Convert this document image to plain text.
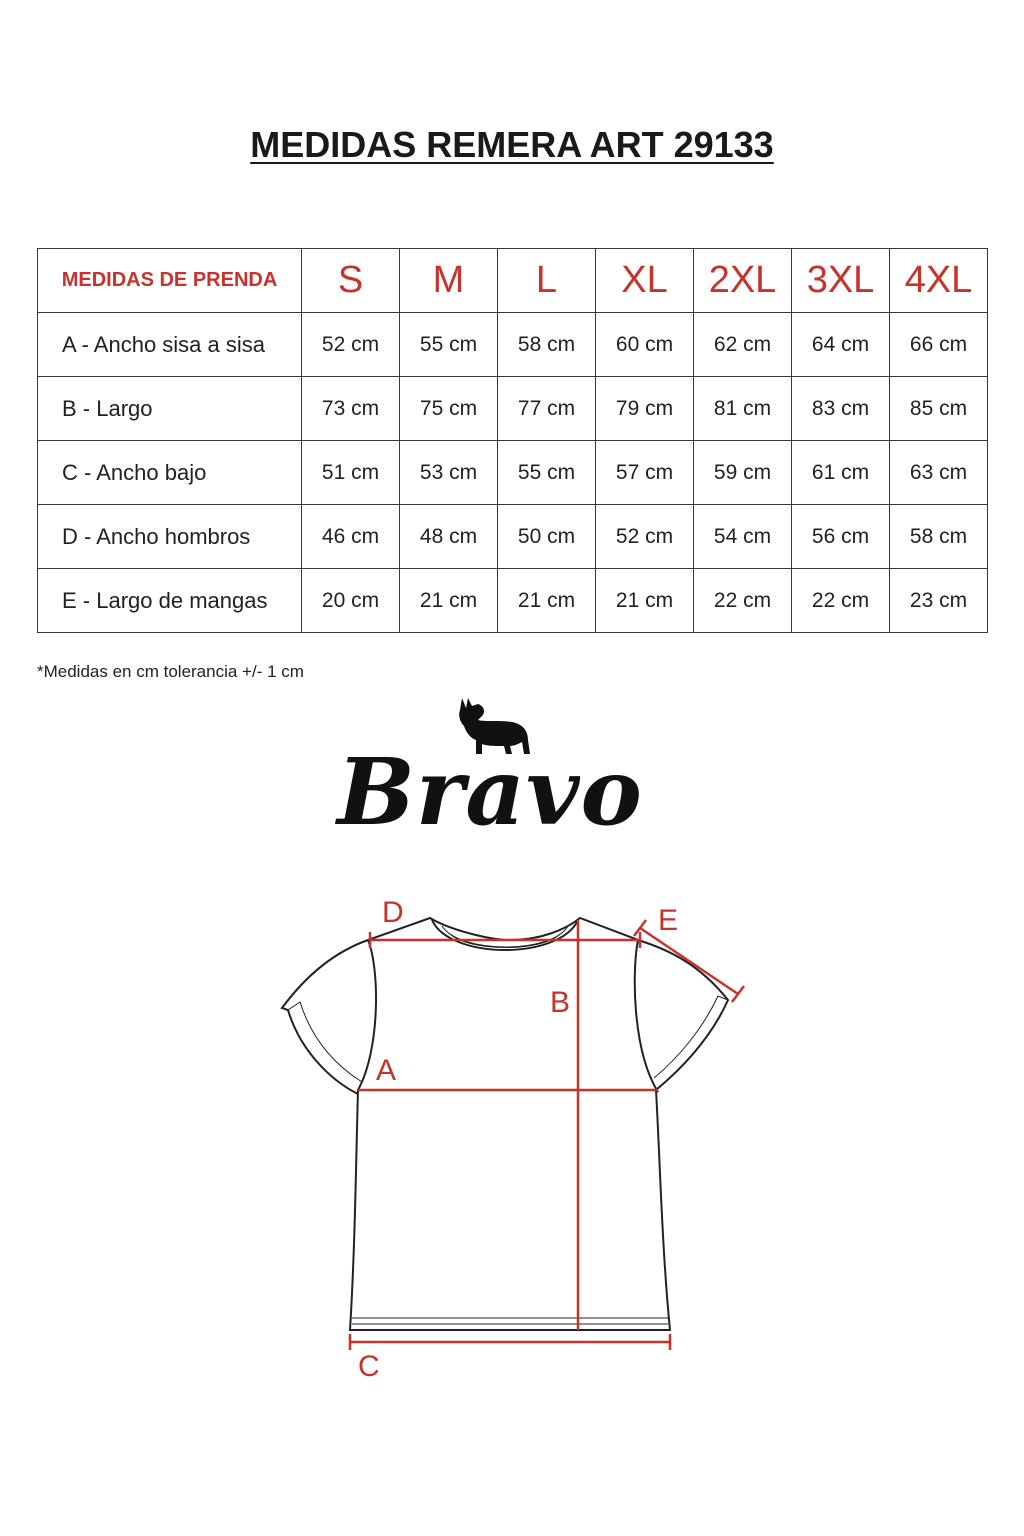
MEDIDAS REMERA ART 29133
MEDIDAS DE PRENDA	S	M	L	XL	2XL	3XL	4XL
A - Ancho sisa a sisa	52 cm	55 cm	58 cm	60 cm	62 cm	64 cm	66 cm
B - Largo	73 cm	75 cm	77 cm	79 cm	81 cm	83 cm	85 cm
C - Ancho bajo	51 cm	53 cm	55 cm	57 cm	59 cm	61 cm	63 cm
D - Ancho hombros	46 cm	48 cm	50 cm	52 cm	54 cm	56 cm	58 cm
E - Largo de mangas	20 cm	21 cm	21 cm	21 cm	22 cm	22 cm	23 cm
*Medidas en cm tolerancia +/- 1 cm
Bravo
D	E
B
A
C
